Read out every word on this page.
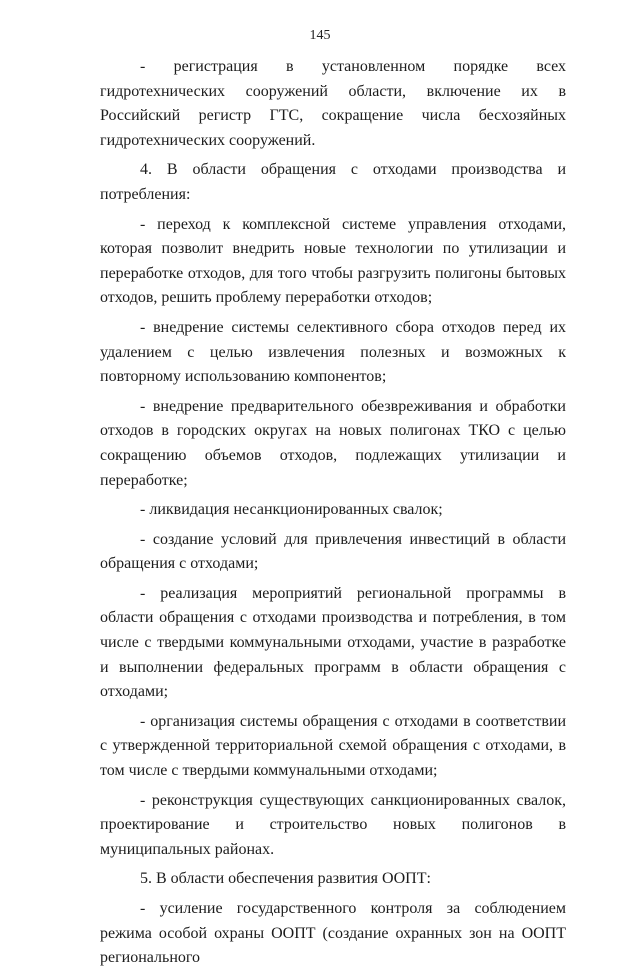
145

- регистрация в установленном порядке всех гидротехнических сооружений области, включение их в Российский регистр ГТС, сокращение числа бесхозяйных гидротехнических сооружений.

4. В области обращения с отходами производства и потребления:

- переход к комплексной системе управления отходами, которая позволит внедрить новые технологии по утилизации и переработке отходов, для того чтобы разгрузить полигоны бытовых отходов, решить проблему переработки отходов;

- внедрение системы селективного сбора отходов перед их удалением с целью извлечения полезных и возможных к повторному использованию компонентов;

- внедрение предварительного обезвреживания и обработки отходов в городских округах на новых полигонах ТКО с целью сокращению объемов отходов, подлежащих утилизации и переработке;

- ликвидация несанкционированных свалок;

- создание условий для привлечения инвестиций в области обращения с отходами;

- реализация мероприятий региональной программы в области обращения с отходами производства и потребления, в том числе с твердыми коммунальными отходами, участие в разработке и выполнении федеральных программ в области обращения с отходами;

- организация системы обращения с отходами в соответствии с утвержденной территориальной схемой обращения с отходами, в том числе с твердыми коммунальными отходами;

- реконструкция существующих санкционированных свалок, проектирование и строительство новых полигонов в муниципальных районах.

5. В области обеспечения развития ООПТ:

- усиление государственного контроля за соблюдением режима особой охраны ООПТ (создание охранных зон на ООПТ регионального
